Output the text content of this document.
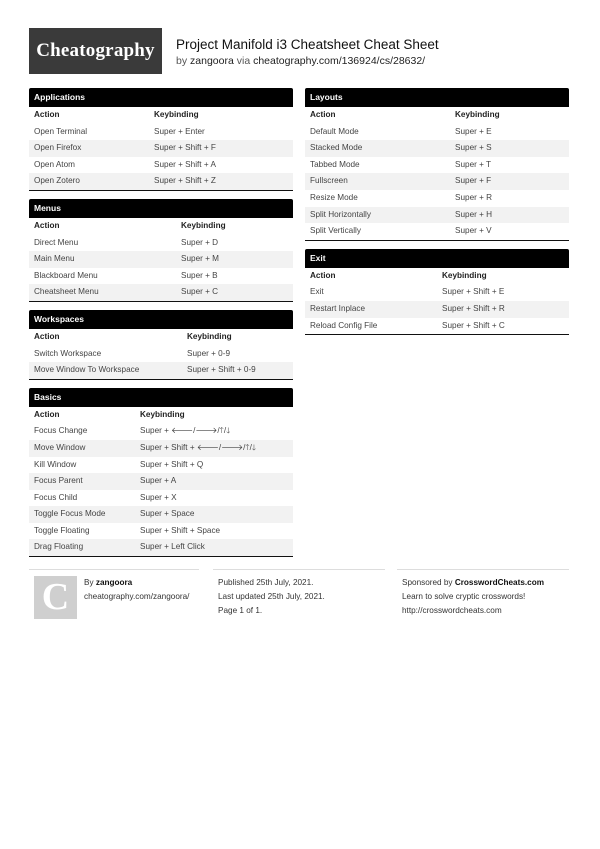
Cheatography	Project Manifold i3 Cheatsheet Cheat Sheet
by zangoora via cheatography.com/136924/cs/28632/
Applications
Action	Keybinding
Open Terminal	Super + Enter
Open Firefox	Super + Shift + F
Open Atom	Super + Shift + A
Open Zotero	Super + Shift + Z
Menus
Action	Keybinding
Direct Menu	Super + D
Main Menu	Super + M
Blackboard Menu	Super + B
Cheatsheet Menu	Super + C
Workspaces
Action	Keybinding
Switch Workspace	Super + 0-9
Move Window To Workspace	Super + Shift + 0-9
Basics
Action	Keybinding
Focus Change	Super + 🡐/🡒/🡑/🡓
Move Window	Super + Shift + 🡐/🡒/🡑/🡓
Kill Window	Super + Shift + Q
Focus Parent	Super + A
Focus Child	Super + X
Toggle Focus Mode	Super + Space
Toggle Floating	Super + Shift + Space
Drag Floating	Super + Left Click
Layouts
Action	Keybinding
Default Mode	Super + E
Stacked Mode	Super + S
Tabbed Mode	Super + T
Fullscreen	Super + F
Resize Mode	Super + R
Split Horizontally	Super + H
Split Vertically	Super + V
Exit
Action	Keybinding
Exit	Super + Shift + E
Restart Inplace	Super + Shift + R
Reload Config File	Super + Shift + C
C	By zangoora
cheatography.com/zangoora/
Published 25th July, 2021.
Last updated 25th July, 2021.
Page 1 of 1.
Sponsored by CrosswordCheats.com
Learn to solve cryptic crosswords!
http://crosswordcheats.com
